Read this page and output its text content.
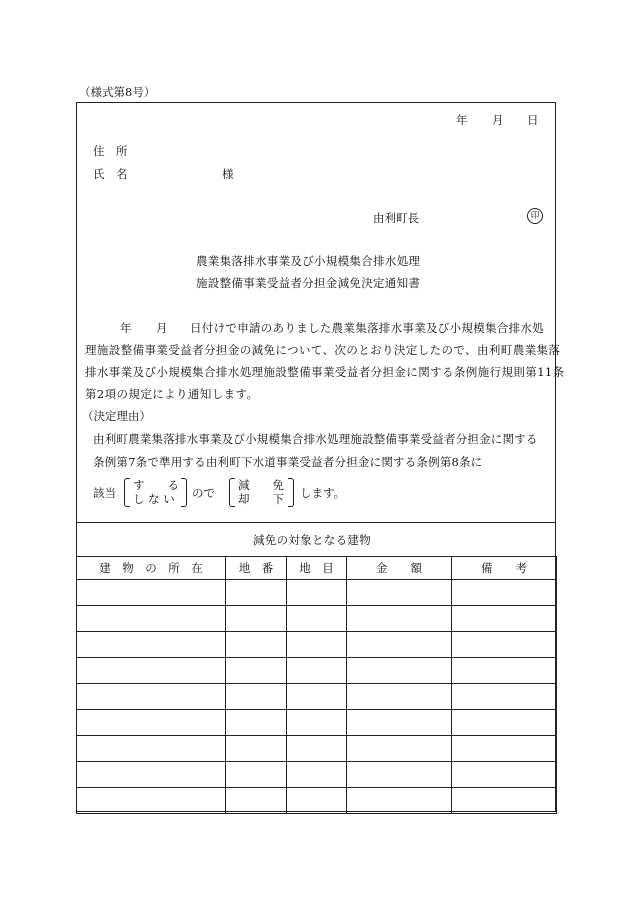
（様式第8号）
年 月 日
住　所
氏　名	様
由利町長	印
農業集落排水事業及び小規模集合排水処理
施設整備事業受益者分担金減免決定通知書
年 月 日付けで申請のありました農業集落排水事業及び小規模集合排水処
理施設整備事業受益者分担金の減免について、次のとおり決定したので、由利町農業集落
排水事業及び小規模集合排水処理施設整備事業受益者分担金に関する条例施行規則第11条
第2項の規定により通知します。
（決定理由）
由利町農業集落排水事業及び小規模集合排水処理施設整備事業受益者分担金に関する
条例第7条で準用する由利町下水道事業受益者分担金に関する条例第8条に
該当
す　　る
し な い	ので
減　　免
却　　下 します。
減免の対象となる建物
建　物　の　所　在	地　番	地　目	金　　額	備　　考
